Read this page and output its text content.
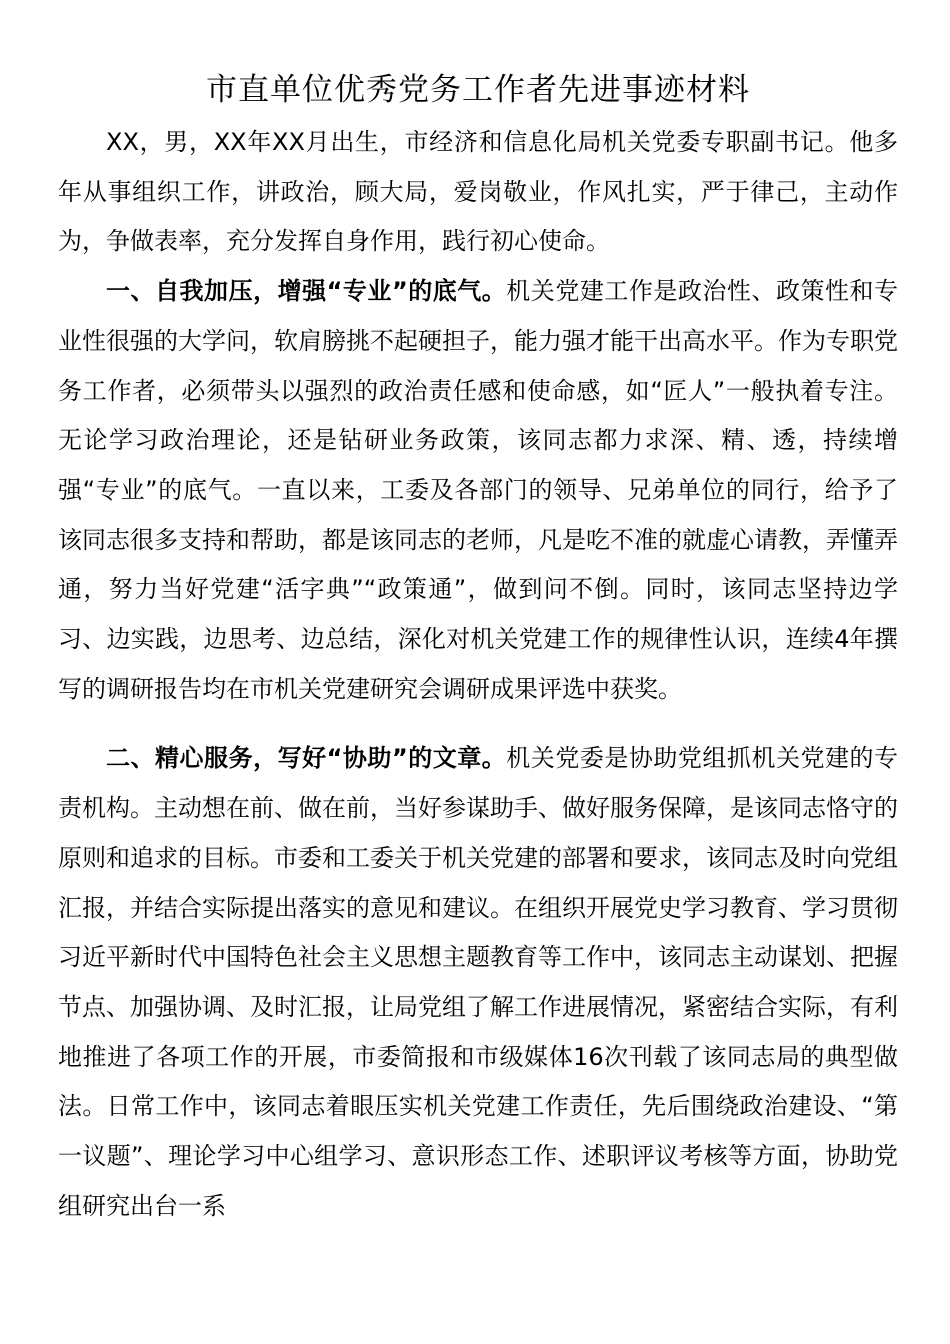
市直单位优秀党务工作者先进事迹材料

XX，男，XX年XX月出生，市经济和信息化局机关党委专职副书记。他多年从事组织工作，讲政治，顾大局，爱岗敬业，作风扎实，严于律己，主动作为，争做表率，充分发挥自身作用，践行初心使命。

一、自我加压，增强“专业”的底气。机关党建工作是政治性、政策性和专业性很强的大学问，软肩膀挑不起硬担子，能力强才能干出高水平。作为专职党务工作者，必须带头以强烈的政治责任感和使命感，如“匠人”一般执着专注。无论学习政治理论，还是钻研业务政策，该同志都力求深、精、透，持续增强“专业”的底气。一直以来，工委及各部门的领导、兄弟单位的同行，给予了该同志很多支持和帮助，都是该同志的老师，凡是吃不准的就虚心请教，弄懂弄通，努力当好党建“活字典”“政策通”，做到问不倒。同时，该同志坚持边学习、边实践，边思考、边总结，深化对机关党建工作的规律性认识，连续4年撰写的调研报告均在市机关党建研究会调研成果评选中获奖。

二、精心服务，写好“协助”的文章。机关党委是协助党组抓机关党建的专责机构。主动想在前、做在前，当好参谋助手、做好服务保障，是该同志恪守的原则和追求的目标。市委和工委关于机关党建的部署和要求，该同志及时向党组汇报，并结合实际提出落实的意见和建议。在组织开展党史学习教育、学习贯彻习近平新时代中国特色社会主义思想主题教育等工作中，该同志主动谋划、把握节点、加强协调、及时汇报，让局党组了解工作进展情况，紧密结合实际，有利地推进了各项工作的开展，市委简报和市级媒体16次刊载了该同志局的典型做法。日常工作中，该同志着眼压实机关党建工作责任，先后围绕政治建设、“第一议题”、理论学习中心组学习、意识形态工作、述职评议考核等方面，协助党组研究出台一系
